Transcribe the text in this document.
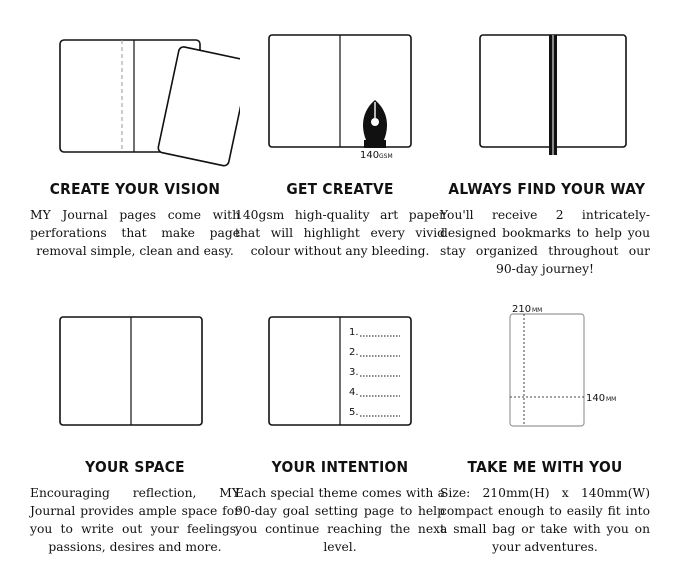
CREATE YOUR VISION
MY Journal pages come with perforations that make page removal simple, clean and easy.
140 GSM
GET CREATVE
140gsm high-quality art paper that will highlight every vivid colour without any bleeding.
ALWAYS FIND YOUR WAY
You'll receive 2 intricately-designed bookmarks to help you stay organized throughout our 90-day journey!
YOUR SPACE
Encouraging reflection, MY Journal provides ample space for you to write out your feelings, passions, desires and more.
1.
2.
3.
4.
5.
YOUR INTENTION
Each special theme comes with a 90-day goal setting page to help you continue reaching the next level.
210 MM
140 MM
TAKE ME WITH YOU
Size: 210mm(H) x 140mm(W) compact enough to easily fit into a small bag or take with you on your adventures.
